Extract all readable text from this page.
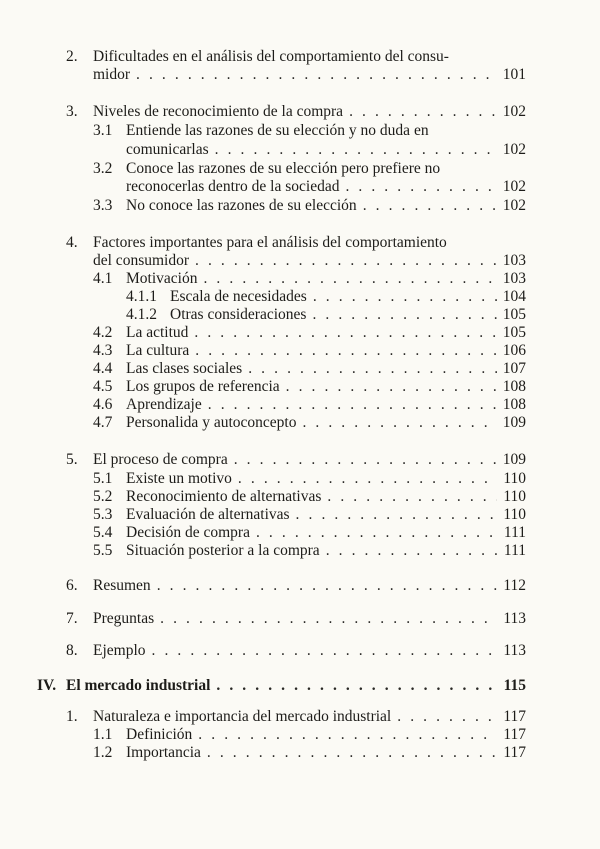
2. Dificultades en el análisis del comportamiento del consu-
midor . . .	101
3. Niveles de reconocimiento de la compra . . .	102
3.1 Entiende las razones de su elección y no duda en
comunicarlas . . .	102
3.2 Conoce las razones de su elección pero prefiere no
reconocerlas dentro de la sociedad . . .	102
3.3 No conoce las razones de su elección . . .	102
4. Factores importantes para el análisis del comportamiento
del consumidor . . .	103
4.1 Motivación . . .	103
4.1.1 Escala de necesidades . . .	104
4.1.2 Otras consideraciones . . .	105
4.2 La actitud . . .	105
4.3 La cultura . . .	106
4.4 Las clases sociales . . .	107
4.5 Los grupos de referencia . . .	108
4.6 Aprendizaje . . .	108
4.7 Personalida y autoconcepto . . .	109
5. El proceso de compra . . .	109
5.1 Existe un motivo . . .	110
5.2 Reconocimiento de alternativas . . .	110
5.3 Evaluación de alternativas . . .	110
5.4 Decisión de compra . . .	111
5.5 Situación posterior a la compra . . .	111
6. Resumen . . .	112
7. Preguntas . . .	113
8. Ejemplo . . .	113
IV. El mercado industrial . . .	115
1. Naturaleza e importancia del mercado industrial . . .	117
1.1 Definición . . .	117
1.2 Importancia . . .	117
